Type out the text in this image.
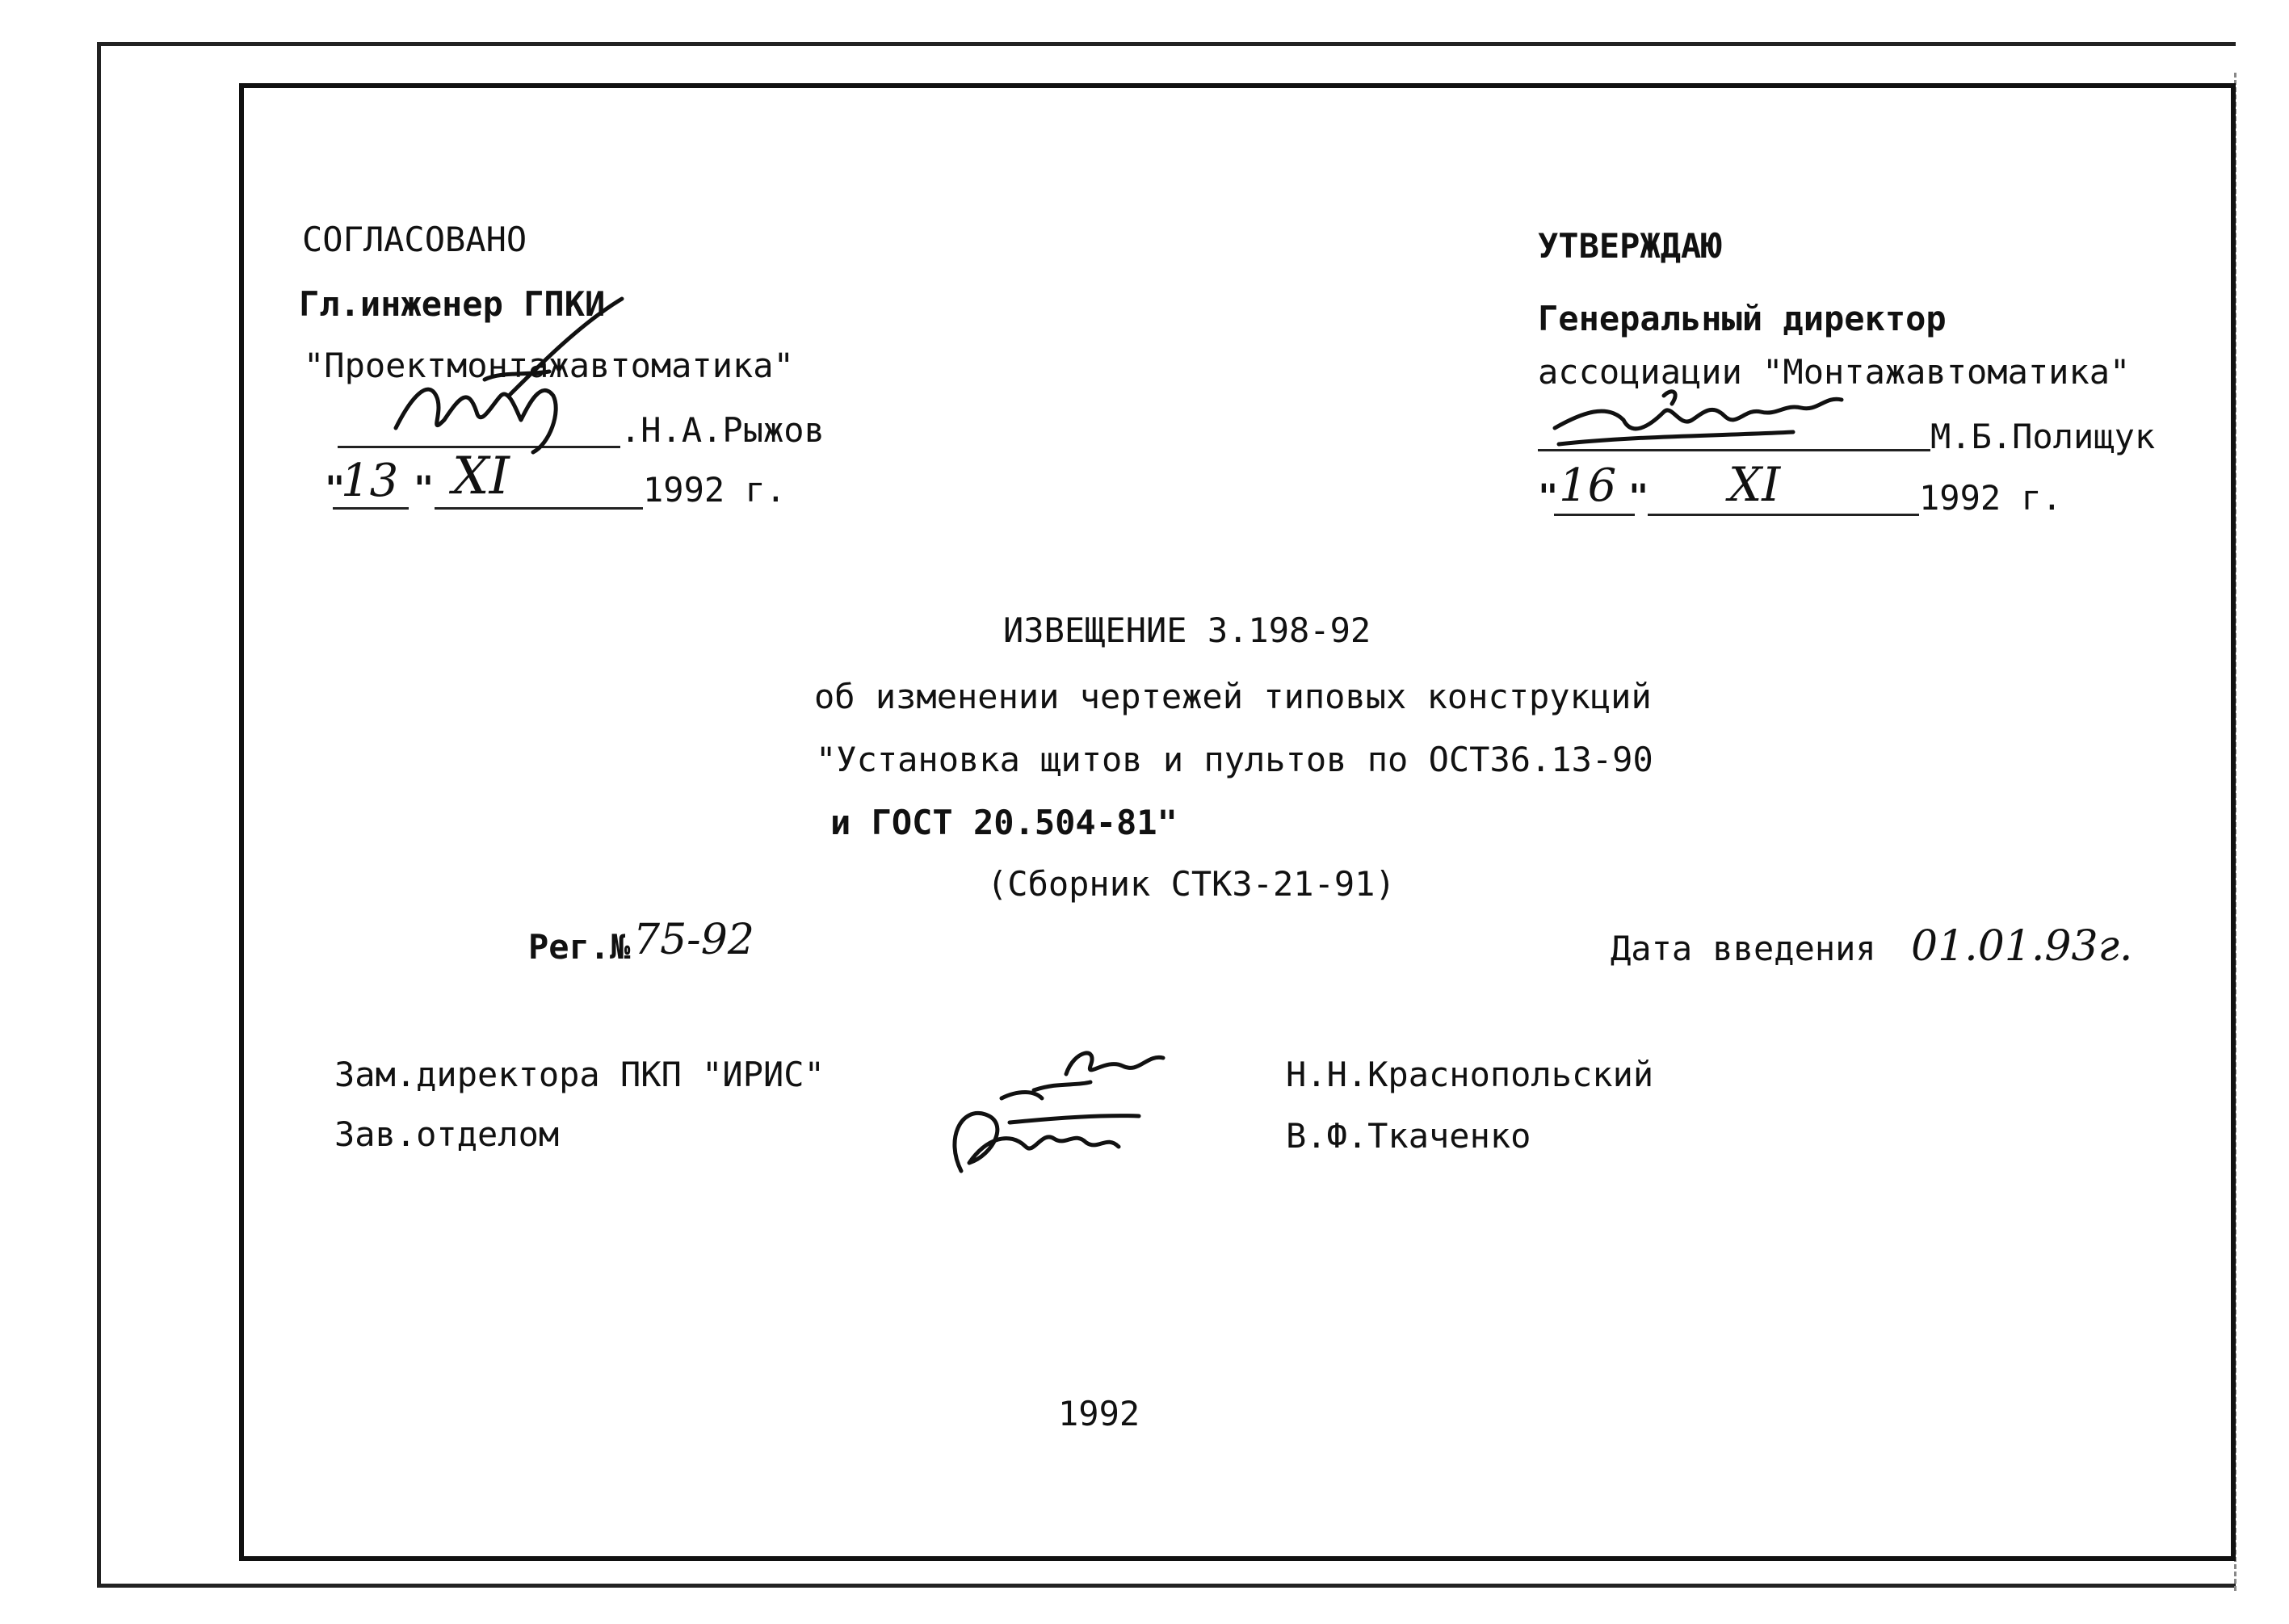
СОГЛАСОВАНО
Гл.инженер ГПКИ
"Проектмонтажавтоматика"
.Н.А.Рыжов
"
13 " XI	1992 г.
УТВЕРЖДАЮ
Генеральный директор
ассоциации "Монтажавтоматика"
М.Б.Полищук
" 16 " XI	1992 г.
ИЗВЕЩЕНИЕ 3.198-92
об изменении чертежей типовых конструкций
"Установка щитов и пультов по ОСТ36.13-90
и ГОСТ 20.504-81"
(Сборник СТК3-21-91)
Рег.№ 75-92	Дата введения 01.01.93г.
Зам.директора ПКП "ИРИС"
Зав.отделом
Н.Н.Краснопольский
В.Ф.Ткаченко
1992
